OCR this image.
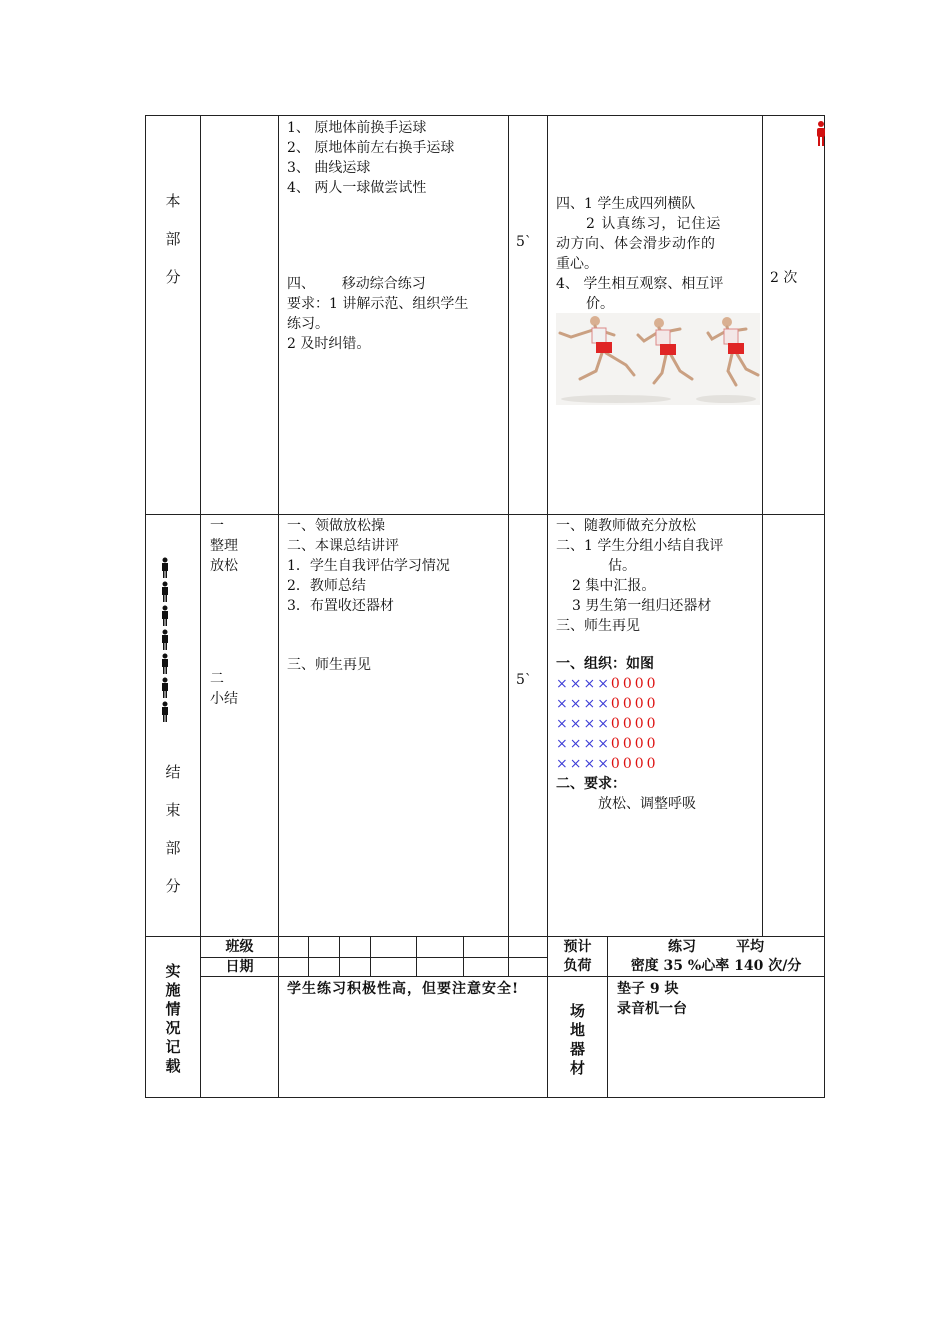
本
部
分
1、 原地体前换手运球
2、 原地体前左右换手运球
3、 曲线运球
4、 两人一球做尝试性
四、      移动综合练习
要求：1 讲解示范、组织学生
练习。
2 及时纠错。
5`
四、1 学生成四列横队
2 认真练习，记住运
动方向、体会滑步动作的
重心。
4、 学生相互观察、相互评
价。
2 次
结
束
部
分
一
整理
放松
二
小结
一、领做放松操
二、本课总结讲评
1．学生自我评估学习情况
2．教师总结
3．布置收还器材
三、师生再见
5`
一、随教师做充分放松
二、1 学生分组小结自我评
估。
2 集中汇报。
3 男生第一组归还器材
三、师生再见
一、组织：如图
××××0000
××××0000
××××0000
××××0000
××××0000
二、要求：
放松、调整呼吸
实
施
情
况
记
载
班级
日期
预计
负荷
练习	平均
密度 35 %心率 140 次/分
学生练习积极性高，但要注意安全!
场
地
器
材
垫子 9 块
录音机一台
